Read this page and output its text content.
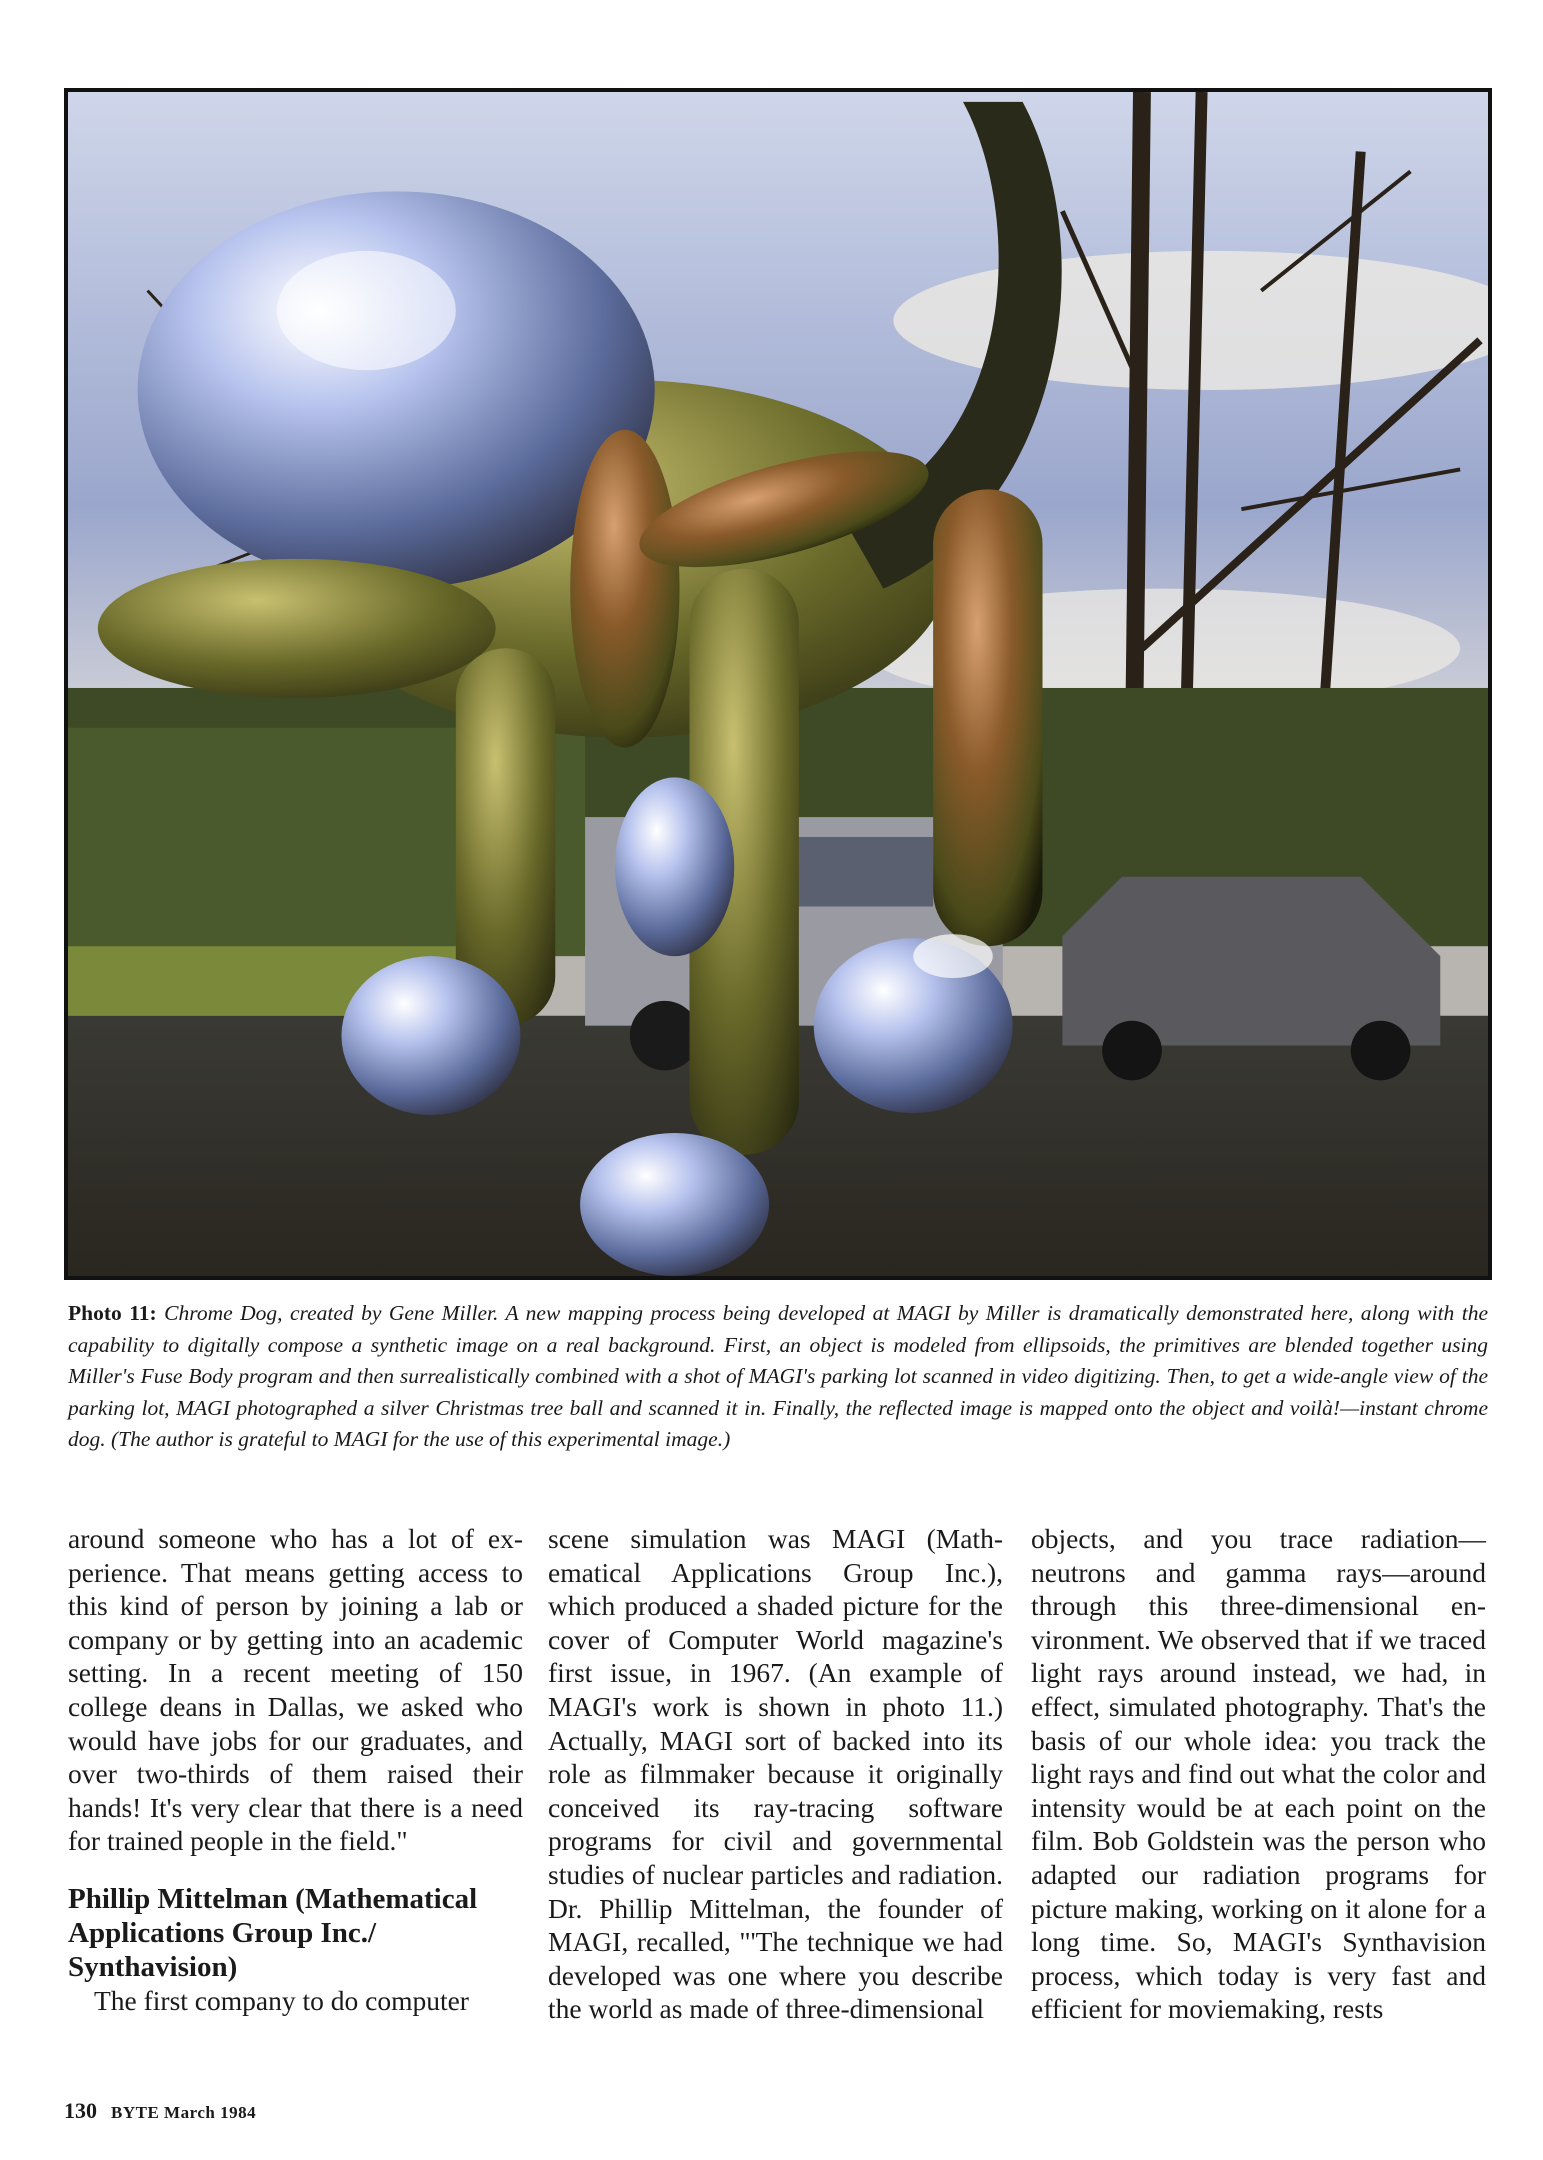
Photo 11: Chrome Dog, created by Gene Miller. A new mapping process being developed at MAGI by Miller is dramatically demonstrated here, along with the capability to digitally compose a synthetic image on a real background. First, an object is modeled from ellipsoids, the primitives are blended together using Miller's Fuse Body program and then surrealistically combined with a shot of MAGI's parking lot scanned in video digitizing. Then, to get a wide-angle view of the parking lot, MAGI photographed a silver Christmas tree ball and scanned it in. Finally, the reflected image is mapped onto the object and voilà!—instant chrome dog. (The author is grateful to MAGI for the use of this experimental image.)

around someone who has a lot of experience. That means getting access to this kind of person by joining a lab or company or by getting into an academic setting. In a recent meeting of 150 college deans in Dallas, we asked who would have jobs for our graduates, and over two-thirds of them raised their hands! It's very clear that there is a need for trained people in the field."

Phillip Mittelman (Mathematical Applications Group Inc./ Synthavision)

The first company to do computer

scene simulation was MAGI (Mathematical Applications Group Inc.), which produced a shaded picture for the cover of Computer World magazine's first issue, in 1967. (An example of MAGI's work is shown in photo 11.) Actually, MAGI sort of backed into its role as filmmaker because it originally conceived its ray-tracing software programs for civil and governmental studies of nuclear particles and radiation. Dr. Phillip Mittelman, the founder of MAGI, recalled, "'The technique we had developed was one where you describe the world as made of three-dimensional

objects, and you trace radiation—neutrons and gamma rays—around through this three-dimensional environment. We observed that if we traced light rays around instead, we had, in effect, simulated photography. That's the basis of our whole idea: you track the light rays and find out what the color and intensity would be at each point on the film. Bob Goldstein was the person who adapted our radiation programs for picture making, working on it alone for a long time. So, MAGI's Synthavision process, which today is very fast and efficient for moviemaking, rests

130 BYTE March 1984
